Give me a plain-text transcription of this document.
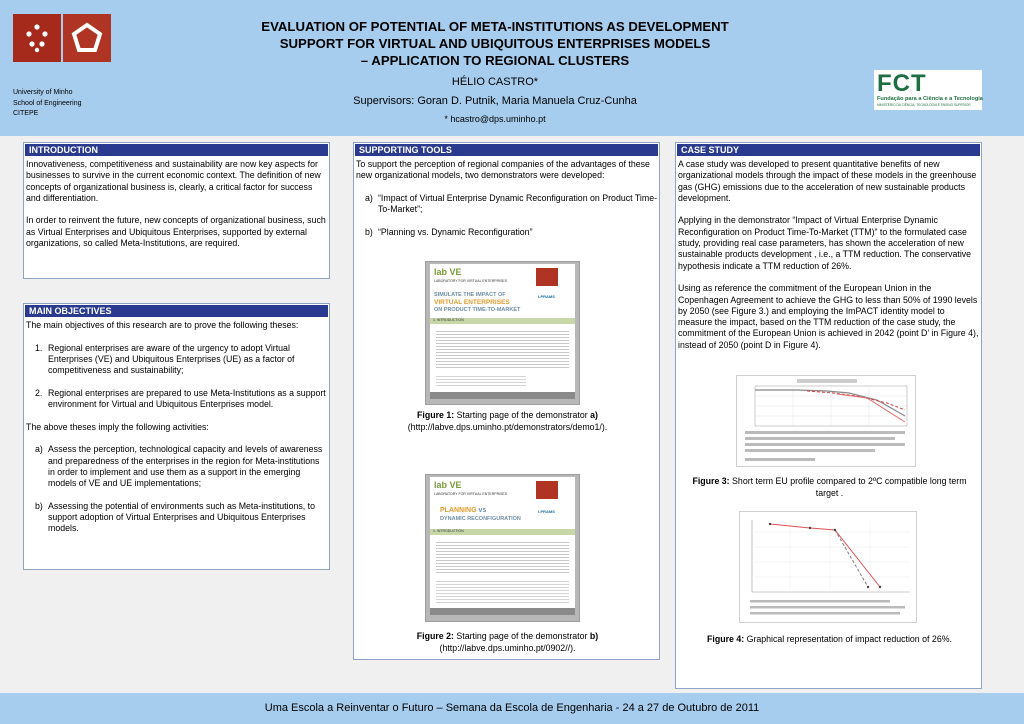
University of Minho
School of Engineering
CITEPE
EVALUATION OF POTENTIAL OF META-INSTITUTIONS AS DEVELOPMENT
SUPPORT FOR VIRTUAL AND UBIQUITOUS ENTERPRISES MODELS
– APPLICATION TO REGIONAL CLUSTERS
HÉLIO CASTRO*
Supervisors: Goran D. Putnik, Maria Manuela Cruz-Cunha
* hcastro@dps.uminho.pt
FCT
Fundação para a Ciência e a Tecnologia
MINISTÉRIO DA CIÊNCIA, TECNOLOGIA E ENSINO SUPERIOR
INTRODUCTION

Innovativeness, competitiveness and sustainability are now key aspects for businesses to survive in the current economic context. The definition of new concepts of organizational business is, clearly, a critical factor for success and differentiation.

In order to reinvent the future, new concepts of organizational business, such as Virtual Enterprises and Ubiquitous Enterprises, supported by external organizations, so called Meta-Institutions, are required.

MAIN OBJECTIVES

The main objectives of this research are to prove the following theses:

1. Regional enterprises are aware of the urgency to adopt Virtual Enterprises (VE) and Ubiquitous Enterprises (UE) as a factor of competitiveness and sustainability;
2. Regional enterprises are prepared to use Meta-Institutions as a support environment for Virtual and Ubiquitous Enterprises model.

The above theses imply the following activities:

a) Assess the perception, technological capacity and levels of awareness and preparedness of the enterprises in the region for Meta-institutions in order to implement and use them as a support in the emerging models of VE and UE implementations;
b) Assessing the potential of environments such as Meta-institutions, to support adoption of Virtual Enterprises and Ubiquitous Enterprises models.
SUPPORTING TOOLS

To support the perception of regional companies of the advantages of these new organizational models, two demonstrators were developed:

a) “Impact of Virtual Enterprise Dynamic Reconfiguration on Product Time-To-Market”;
b) “Planning vs. Dynamic Reconfiguration”
lab VE
LABORATORY FOR VIRTUAL ENTERPRISES
SIMULATE THE IMPACT OF
VIRTUAL ENTERPRISES
ON PRODUCT TIME-TO-MARKET
I-PRAMS
1. INTRODUCTION
Figure 1: Starting page of the demonstrator a)
(http://labve.dps.uminho.pt/demonstrators/demo1/).
lab VE
LABORATORY FOR VIRTUAL ENTERPRISES
PLANNING vs
DYNAMIC RECONFIGURATION
I-PRAMS
1. INTRODUCTION
Figure 2: Starting page of the demonstrator b)
(http://labve.dps.uminho.pt/0902//).
CASE STUDY

A case study was developed to present quantitative benefits of new organizational models through the impact of these models in the greenhouse gas (GHG) emissions due to the acceleration of new sustainable products development.

Applying in the demonstrator “Impact of Virtual Enterprise Dynamic Reconfiguration on Product Time-To-Market (TTM)” to the formulated case study, providing real case parameters, has shown the acceleration of new sustainable products development , i.e., a TTM reduction. The conservative hypothesis indicate a TTM reduction of 26%.

Using as reference the commitment of the European Union in the Copenhagen Agreement to achieve the GHG to less than 50% of 1990 levels by 2050 (see Figure 3.) and employing the ImPACT identity model to measure the impact, based on the TTM reduction of the case study, the commitment of the European Union is achieved in 2042 (point D’ in Figure 4), instead of 2050 (point D in Figure 4).

Figure 3: Short term EU profile compared to 2ºC compatible long term target .
Figure 4: Graphical representation of impact reduction of 26%.
Uma Escola a Reinventar o Futuro – Semana da Escola de Engenharia - 24 a 27 de Outubro de 2011
